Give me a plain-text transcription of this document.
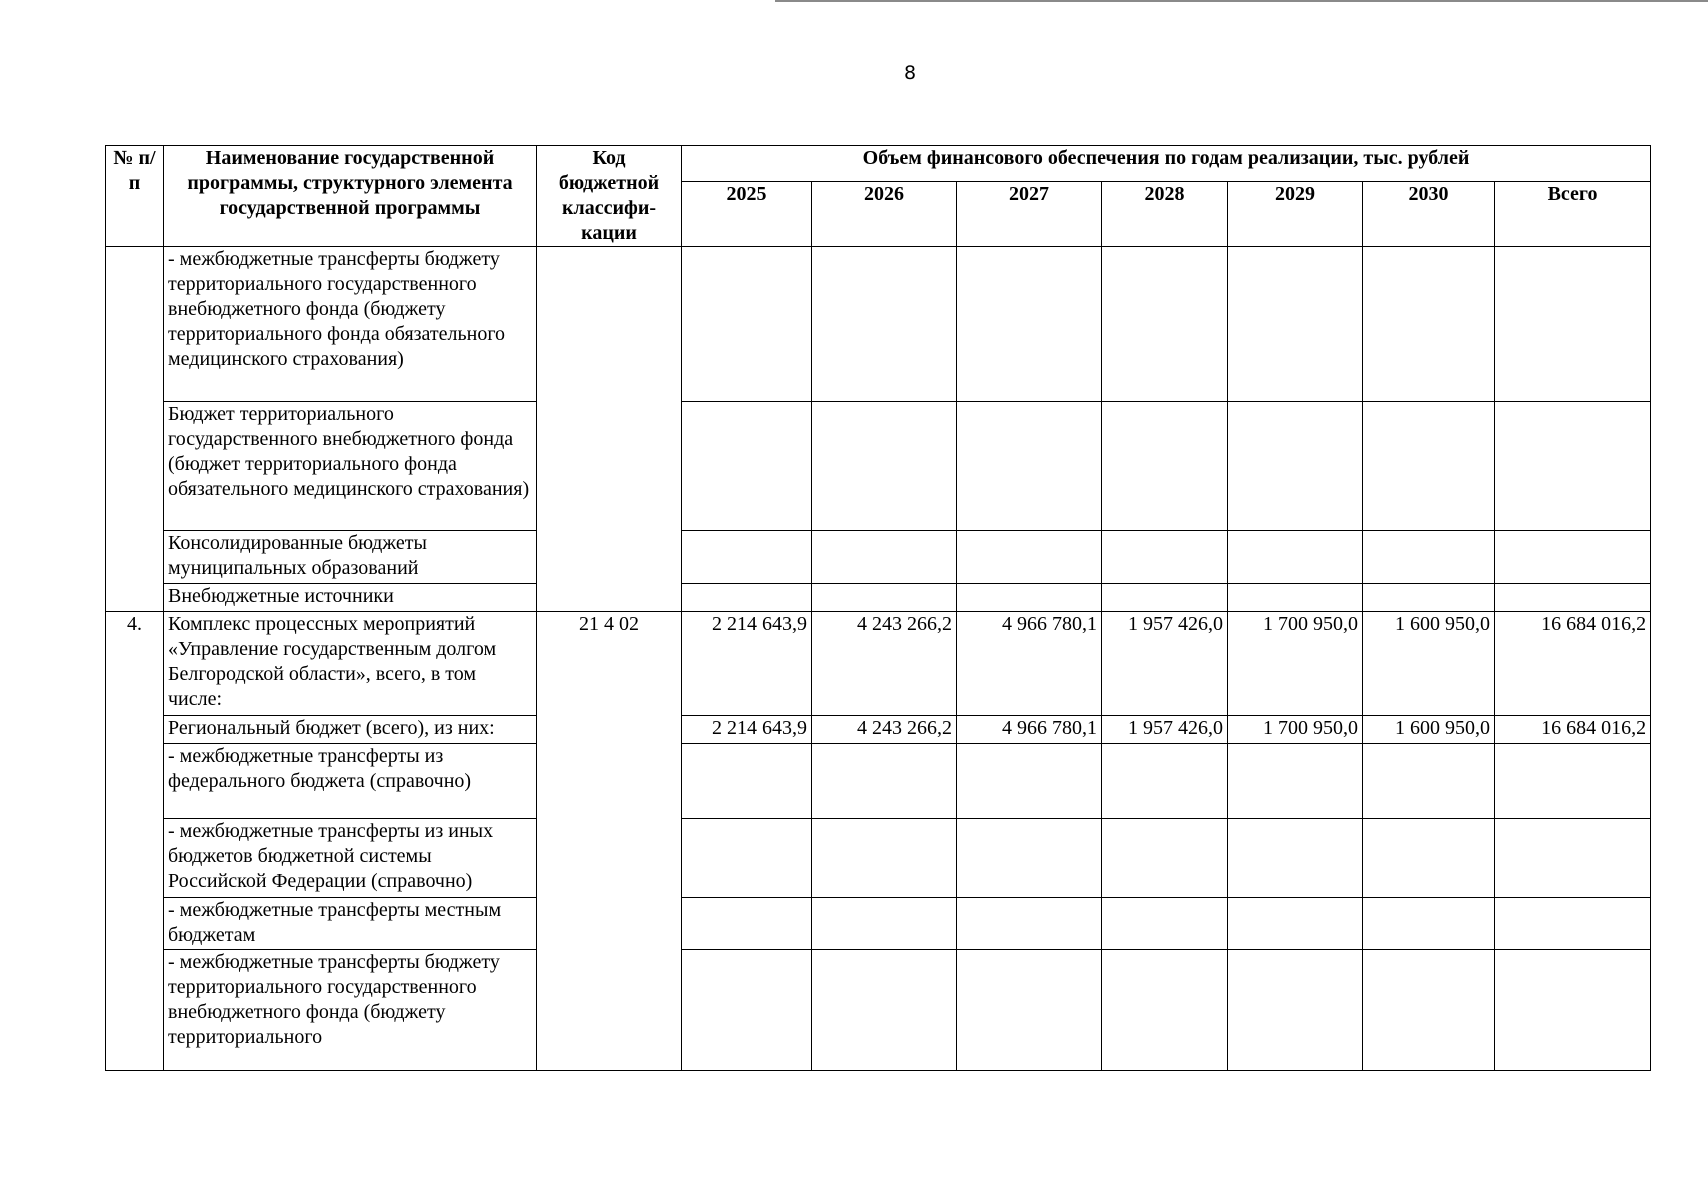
8
№ п/п	Наименование государственной программы, структурного элемента государственной программы	Код бюджетной классифи-кации	Объем финансового обеспечения по годам реализации, тыс. рублей						
			2025	2026	2027	2028	2029	2030	Всего
	- межбюджетные трансферты бюджету территориального государственного внебюджетного фонда (бюджету территориального фонда обязательного медицинского страхования)								
	Бюджет территориального государственного внебюджетного фонда (бюджет территориального фонда обязательного медицинского страхования)								
	Консолидированные бюджеты муниципальных образований								
	Внебюджетные источники								
4.	Комплекс процессных мероприятий «Управление государственным долгом Белгородской области», всего, в том числе:	21 4 02	2 214 643,9	4 243 266,2	4 966 780,1	1 957 426,0	1 700 950,0	1 600 950,0	16 684 016,2
	Региональный бюджет (всего), из них:		2 214 643,9	4 243 266,2	4 966 780,1	1 957 426,0	1 700 950,0	1 600 950,0	16 684 016,2
	- межбюджетные трансферты из федерального бюджета (справочно)								
	- межбюджетные трансферты из иных бюджетов бюджетной системы Российской Федерации (справочно)								
	- межбюджетные трансферты местным бюджетам								
	- межбюджетные трансферты бюджету территориального государственного внебюджетного фонда (бюджету территориального								
